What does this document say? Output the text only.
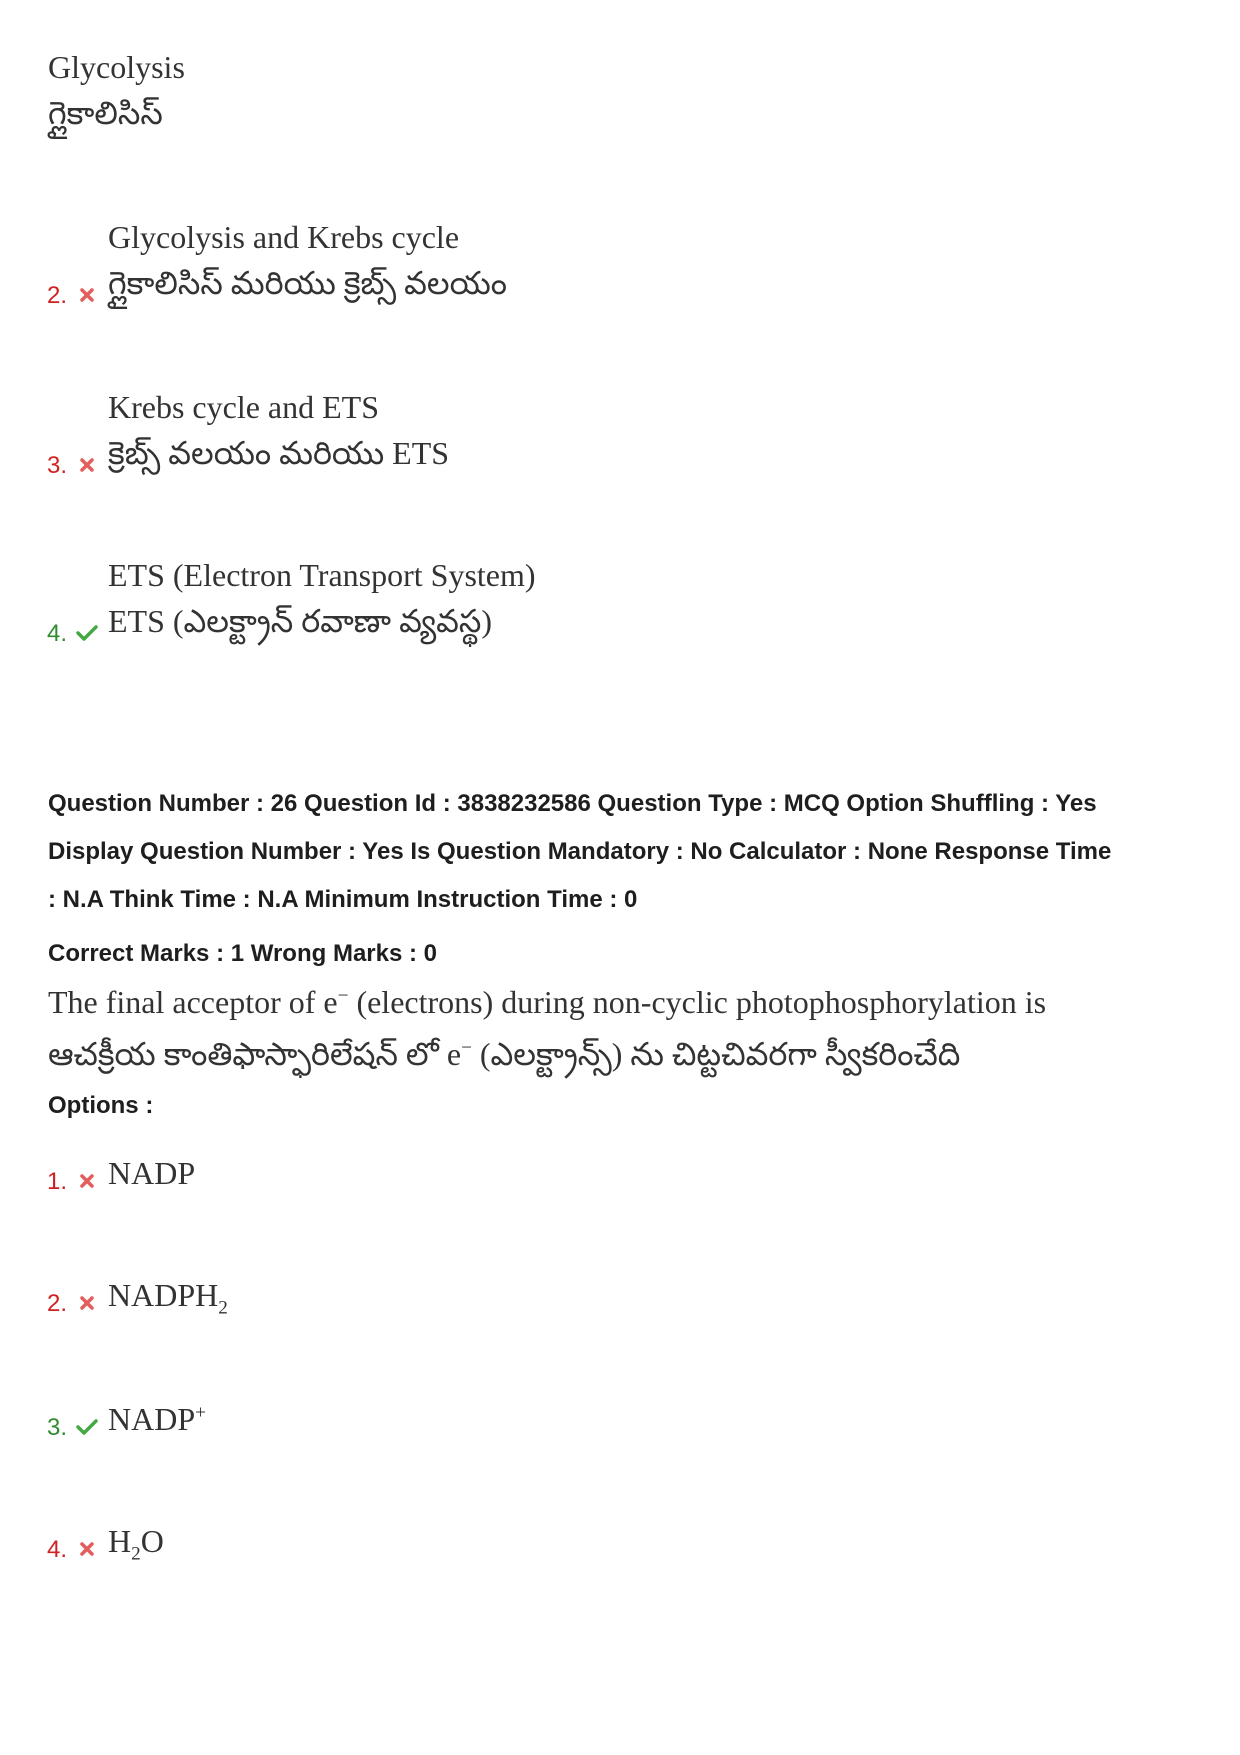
Glycolysis
గ్లైకాలిసిస్
2.
Glycolysis and Krebs cycle
గ్లైకాలిసిస్ మరియు క్రెబ్స్ వలయం
3.
Krebs cycle and ETS
క్రెబ్స్ వలయం మరియు ETS
4.
ETS (Electron Transport System)
ETS (ఎలక్ట్రాన్ రవాణా వ్యవస్థ)
Question Number : 26 Question Id : 3838232586 Question Type : MCQ Option Shuffling : Yes
Display Question Number : Yes Is Question Mandatory : No Calculator : None Response Time
: N.A Think Time : N.A Minimum Instruction Time : 0
Correct Marks : 1 Wrong Marks : 0
The final acceptor of e− (electrons) during non-cyclic photophosphorylation is
ఆచక్రీయ కాంతిఫాస్ఫారిలేషన్ లో e− (ఎలక్ట్రాన్స్) ను చిట్టచివరగా స్వీకరించేది
Options :
1. NADP
2. $NADPH_2$
3. NADP+
4. $H_2O$
